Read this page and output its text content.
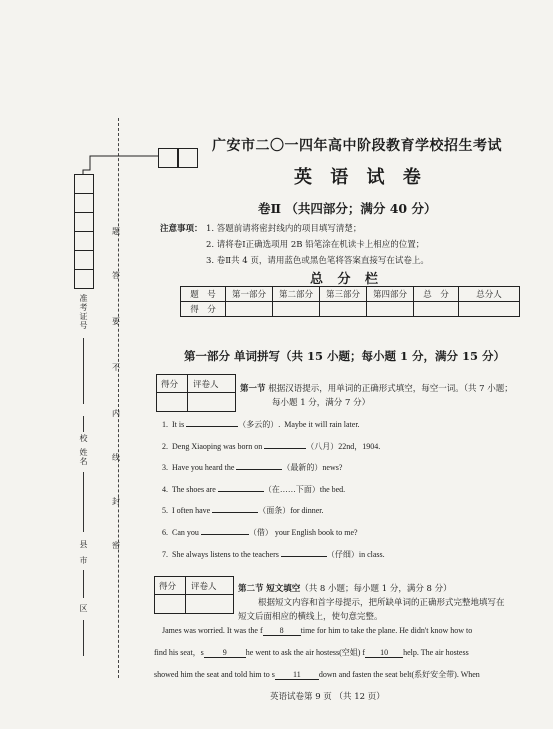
题
答
要
不
内
线
封
密
准考证号
校
姓名
县
市
区
广安市二〇一四年高中阶段教育学校招生考试
英 语 试 卷
卷Ⅱ （共四部分；满分 40 分）
注意事项： 1. 答题前请将密封线内的项目填写清楚；
2. 请将卷Ⅰ正确选项用 2B 铅笔涂在机读卡上相应的位置；
3. 卷Ⅱ共 4 页，请用蓝色或黑色笔将答案直接写在试卷上。
总 分 栏
题　号	第一部分	第二部分	第三部分	第四部分	总　分	总分人
得　分						
第一部分 单词拼写（共 15 小题；每小题 1 分，满分 15 分）
得分 评卷人	第一节 根据汉语提示，用单词的正确形式填空，每空一词。（共 7 小题；
每小题 1 分，满分 7 分）
1. It is	（多云的）. Maybe it will rain later.
2. Deng Xiaoping was born on	（八月）22nd，1904.
3. Have you heard the	（最新的）news?
4. The shoes are	（在……下面）the bed.
5. I often have	（面条）for dinner.
6. Can you	（借） your English book to me?
7. She always listens to the teachers	（仔细）in class.
得分 评卷人	第二节 短文填空（共 8 小题；每小题 1 分，满分 8 分）
根据短文内容和首字母提示，把所缺单词的正确形式完整地填写在
短文后面相应的横线上，使句意完整。
James was worried. It was the f 8 time for him to take the plane. He didn't know how to
find his seat，s 9 he went to ask the air hostess(空姐) f 10 help. The air hostess
showed him the seat and told him to s 11 down and fasten the seat belt(系好安全带). When
英语试卷第 9 页 （共 12 页）
